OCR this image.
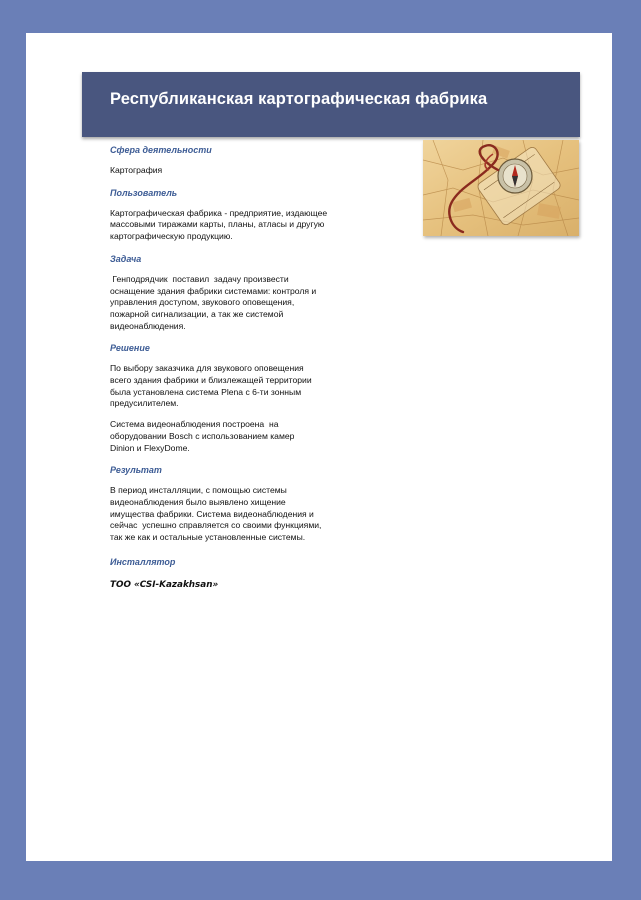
Республиканская картографическая фабрика

Сфера деятельности

Картография

Пользователь

Картографическая фабрика - предприятие, издающее массовыми тиражами карты, планы, атласы и другую картографическую продукцию.

Задача

Генподрядчик  поставил  задачу произвести оснащение здания фабрики системами: контроля и управления доступом, звукового оповещения, пожарной сигнализации, а так же системой видеонаблюдения.

Решение

По выбору заказчика для звукового оповещения всего здания фабрики и близлежащей территории была установлена система Plena с 6-ти зонным предусилителем.

Система видеонаблюдения построена  на оборудовании Bosch с использованием камер Dinion и FlexyDome.

Результат

В период инсталляции, с помощью системы видеонаблюдения было выявлено хищение имущества фабрики. Система видеонаблюдения и сейчас  успешно справляется со своими функциями, так же как и остальные установленные системы.

Инсталлятор

ТОО «CSI-Kazakhsan»
